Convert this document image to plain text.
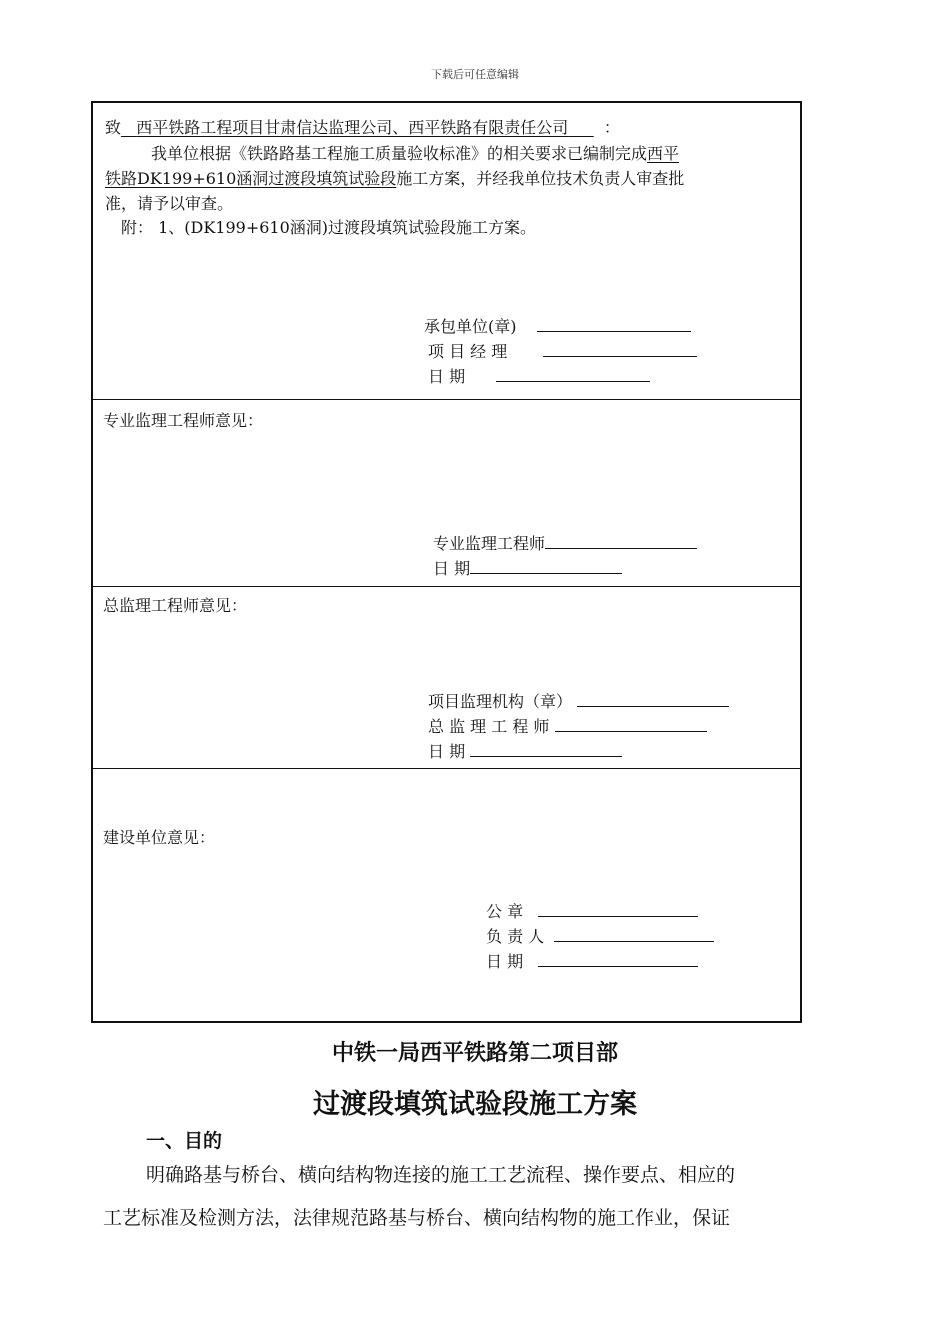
下载后可任意编辑
致 西平铁路工程项目甘肃信达监理公司、西平铁路有限责任公司 ：
我单位根据《铁路路基工程施工质量验收标准》的相关要求已编制完成西平
铁路DK199+610涵洞过渡段填筑试验段施工方案，并经我单位技术负责人审查批
准，请予以审查。
附： 1、(DK199+610涵洞)过渡段填筑试验段施工方案。
承包单位(章)
项 目 经 理
日 期
专业监理工程师意见：
专业监理工程师
日 期
总监理工程师意见：
项目监理机构（章）
总 监 理 工 程 师
日 期
建设单位意见：
公 章
负 责 人
日 期
中铁一局西平铁路第二项目部
过渡段填筑试验段施工方案
一、目的
明确路基与桥台、横向结构物连接的施工工艺流程、操作要点、相应的
工艺标准及检测方法，法律规范路基与桥台、横向结构物的施工作业，保证
